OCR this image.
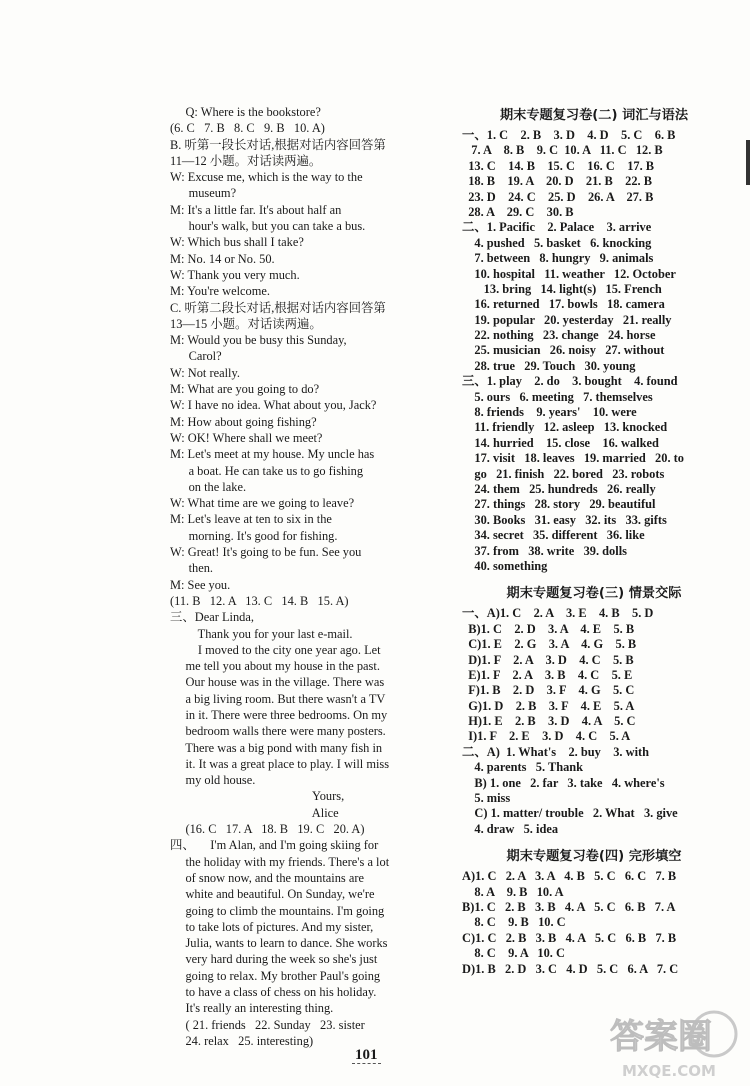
Q: Where is the bookstore?
(6. C   7. B   8. C   9. B   10. A)
B. 听第一段长对话,根据对话内容回答第
11—12 小题。对话读两遍。
W: Excuse me, which is the way to the
museum?
M: It's a little far. It's about half an
hour's walk, but you can take a bus.
W: Which bus shall I take?
M: No. 14 or No. 50.
W: Thank you very much.
M: You're welcome.
C. 听第二段长对话,根据对话内容回答第
13—15 小题。对话读两遍。
M: Would you be busy this Sunday,
Carol?
W: Not really.
M: What are you going to do?
W: I have no idea. What about you, Jack?
M: How about going fishing?
W: OK! Where shall we meet?
M: Let's meet at my house. My uncle has
a boat. He can take us to go fishing
on the lake.
W: What time are we going to leave?
M: Let's leave at ten to six in the
morning. It's good for fishing.
W: Great! It's going to be fun. See you
then.
M: See you.
(11. B   12. A   13. C   14. B   15. A)
三、Dear Linda,
Thank you for your last e-mail.
I moved to the city one year ago. Let
me tell you about my house in the past.
Our house was in the village. There was
a big living room. But there wasn't a TV
in it. There were three bedrooms. On my
bedroom walls there were many posters.
There was a big pond with many fish in
it. It was a great place to play. I will miss
my old house.
Yours,
Alice
(16. C   17. A   18. B   19. C   20. A)
四、     I'm Alan, and I'm going skiing for
the holiday with my friends. There's a lot
of snow now, and the mountains are
white and beautiful. On Sunday, we're
going to climb the mountains. I'm going
to take lots of pictures. And my sister,
Julia, wants to learn to dance. She works
very hard during the week so she's just
going to relax. My brother Paul's going
to have a class of chess on his holiday.
It's really an interesting thing.
( 21. friends   22. Sunday   23. sister
24. relax   25. interesting)
期末专题复习卷(二) 词汇与语法
一、1. C    2. B    3. D    4. D    5. C    6. B
7. A    8. B    9. C  10. A   11. C   12. B
13. C    14. B    15. C    16. C    17. B
18. B    19. A    20. D    21. B    22. B
23. D    24. C    25. D    26. A    27. B
28. A    29. C    30. B
二、1. Pacific    2. Palace    3. arrive
4. pushed   5. basket   6. knocking
7. between   8. hungry   9. animals
10. hospital   11. weather   12. October
13. bring   14. light(s)   15. French
16. returned   17. bowls   18. camera
19. popular   20. yesterday   21. really
22. nothing   23. change   24. horse
25. musician   26. noisy   27. without
28. true   29. Touch   30. young
三、1. play    2. do    3. bought    4. found
5. ours   6. meeting   7. themselves
8. friends    9. years'    10. were
11. friendly   12. asleep   13. knocked
14. hurried    15. close    16. walked
17. visit   18. leaves   19. married   20. to
go   21. finish   22. bored   23. robots
24. them   25. hundreds   26. really
27. things   28. story   29. beautiful
30. Books   31. easy   32. its   33. gifts
34. secret   35. different   36. like
37. from   38. write   39. dolls
40. something
期末专题复习卷(三) 情景交际
一、A)1. C    2. A    3. E    4. B    5. D
B)1. C    2. D    3. A    4. E    5. B
C)1. E    2. G    3. A    4. G    5. B
D)1. F    2. A    3. D    4. C    5. B
E)1. F    2. A    3. B    4. C    5. E
F)1. B    2. D    3. F    4. G    5. C
G)1. D    2. B    3. F    4. E    5. A
H)1. E    2. B    3. D    4. A    5. C
I)1. F    2. E    3. D    4. C    5. A
二、A)  1. What's    2. buy    3. with
4. parents   5. Thank
B) 1. one   2. far   3. take   4. where's
5. miss
C) 1. matter/ trouble   2. What   3. give
4. draw   5. idea
期末专题复习卷(四) 完形填空
A)1. C   2. A   3. A   4. B   5. C   6. C   7. B
8. A    9. B   10. A
B)1. C   2. B   3. B   4. A   5. C   6. B   7. A
8. C    9. B   10. C
C)1. C   2. B   3. B   4. A   5. C   6. B   7. B
8. C    9. A   10. C
D)1. B   2. D   3. C   4. D   5. C   6. A   7. C
101	答案圈
MXQE.COM
